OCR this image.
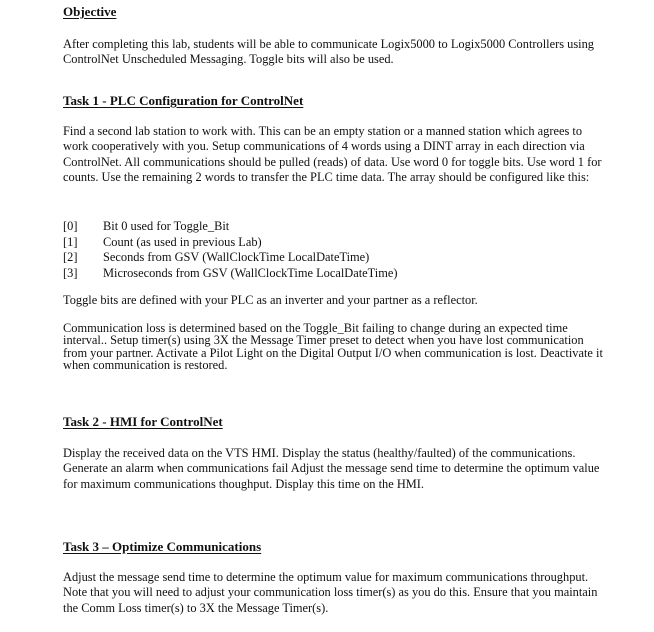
Objective

After completing this lab, students will be able to communicate Logix5000 to Logix5000 Controllers using ControlNet Unscheduled Messaging. Toggle bits will also be used.

Task 1 - PLC Configuration for ControlNet

Find a second lab station to work with. This can be an empty station or a manned station which agrees to work cooperatively with you. Setup communications of 4 words using a DINT array in each direction via ControlNet. All communications should be pulled (reads) of data. Use word 0 for toggle bits. Use word 1 for counts. Use the remaining 2 words to transfer the PLC time data. The array should be configured like this:

[0]	Bit 0 used for Toggle_Bit
[1]	Count (as used in previous Lab)
[2]	Seconds from GSV (WallClockTime LocalDateTime)
[3]	Microseconds from GSV (WallClockTime LocalDateTime)

Toggle bits are defined with your PLC as an inverter and your partner as a reflector.

Communication loss is determined based on the Toggle_Bit failing to change during an expected time interval.. Setup timer(s) using 3X the Message Timer preset to detect when you have lost communication from your partner. Activate a Pilot Light on the Digital Output I/O when communication is lost. Deactivate it when communication is restored.

Task 2 - HMI for ControlNet

Display the received data on the VTS HMI. Display the status (healthy/faulted) of the communications. Generate an alarm when communications fail Adjust the message send time to determine the optimum value for maximum communications thoughput. Display this time on the HMI.

Task 3 – Optimize Communications

Adjust the message send time to determine the optimum value for maximum communications throughput. Note that you will need to adjust your communication loss timer(s) as you do this. Ensure that you maintain the Comm Loss timer(s) to 3X the Message Timer(s).
